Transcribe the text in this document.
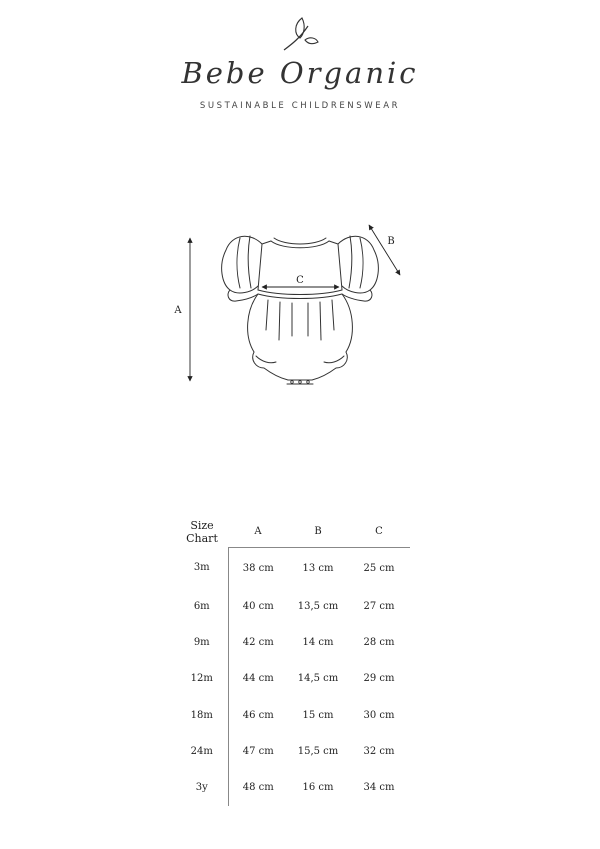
Bebe Organic
SUSTAINABLE CHILDRENSWEAR
A
B
C
Size
Chart	A	B	C
3m	38 cm	13 cm	25 cm
6m	40 cm	13,5 cm	27 cm
9m	42 cm	14 cm	28 cm
12m	44 cm	14,5 cm	29 cm
18m	46 cm	15 cm	30 cm
24m	47 cm	15,5 cm	32 cm
3y	48 cm	16 cm	34 cm
